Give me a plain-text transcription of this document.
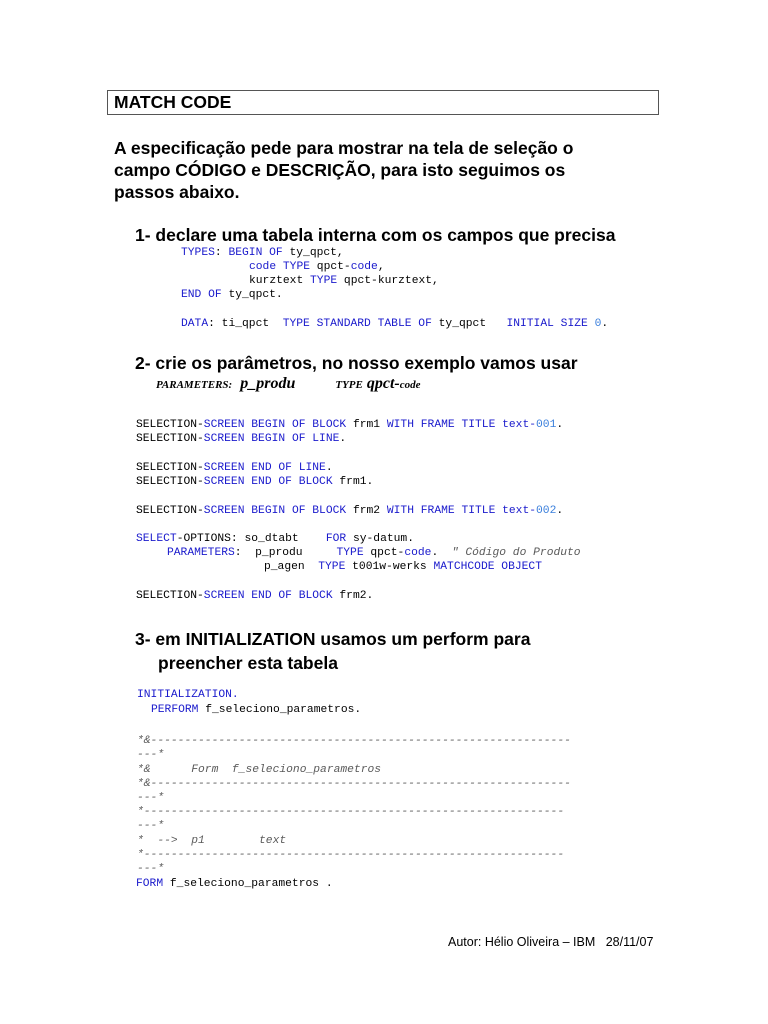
MATCH CODE
A especificação pede para mostrar na tela de seleção o
campo CÓDIGO e DESCRIÇÃO, para isto seguimos os
passos abaixo.
1- declare uma tabela interna com os campos que precisa
TYPES: BEGIN OF ty_qpct,
code TYPE qpct-code,
kurztext TYPE qpct-kurztext,
END OF ty_qpct.
DATA: ti_qpct  TYPE STANDARD TABLE OF ty_qpct   INITIAL SIZE 0.
2- crie os parâmetros, no nosso exemplo vamos usar
PARAMETERS: p_produ	TYPE qpct-code
SELECTION-SCREEN BEGIN OF BLOCK frm1 WITH FRAME TITLE text-001.
SELECTION-SCREEN BEGIN OF LINE.
SELECTION-SCREEN END OF LINE.
SELECTION-SCREEN END OF BLOCK frm1.
SELECTION-SCREEN BEGIN OF BLOCK frm2 WITH FRAME TITLE text-002.
SELECT-OPTIONS: so_dtabt    FOR sy-datum.
PARAMETERS:  p_produ     TYPE qpct-code. " Código do Produto
p_agen  TYPE t001w-werks MATCHCODE OBJECT
SELECTION-SCREEN END OF BLOCK frm2.
3- em INITIALIZATION usamos um perform para
preencher esta tabela
INITIALIZATION.
PERFORM f_seleciono_parametros.
*&--------------------------------------------------------------
---*
*&      Form  f_seleciono_parametros
*&--------------------------------------------------------------
---*
*--------------------------------------------------------------
---*
*  -->  p1        text
*--------------------------------------------------------------
---*
FORM f_seleciono_parametros .
Autor: Hélio Oliveira – IBM   28/11/07
